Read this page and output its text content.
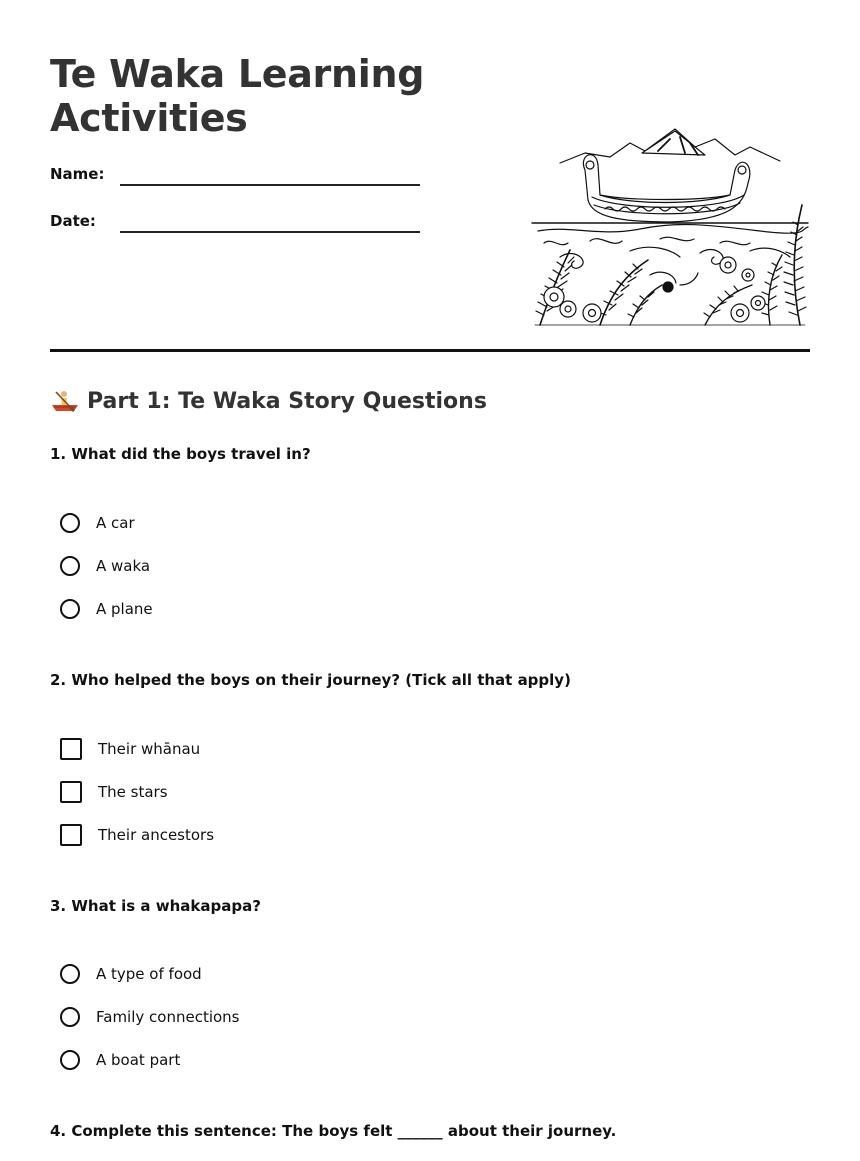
Te Waka Learning Activities
Name:
Date:
Part 1: Te Waka Story Questions

1. What did the boys travel in?

A car
A waka
A plane

2. Who helped the boys on their journey? (Tick all that apply)

Their whānau
The stars
Their ancestors

3. What is a whakapapa?

A type of food
Family connections
A boat part

4. Complete this sentence: The boys felt ______ about their journey.
